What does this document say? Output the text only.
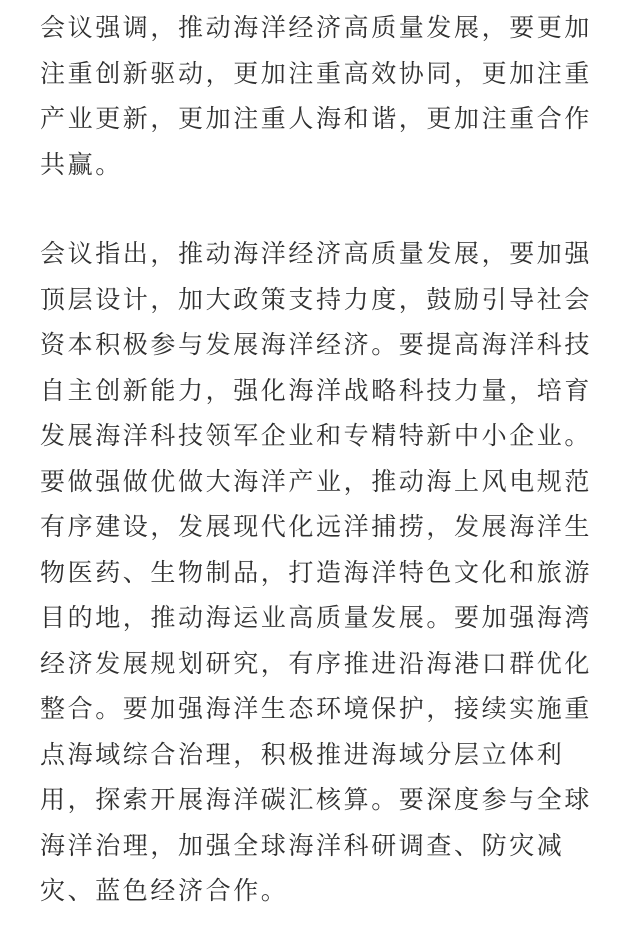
会议强调，推动海洋经济高质量发展，要更加
注重创新驱动，更加注重高效协同，更加注重
产业更新，更加注重人海和谐，更加注重合作
共赢。

会议指出，推动海洋经济高质量发展，要加强
顶层设计，加大政策支持力度，鼓励引导社会
资本积极参与发展海洋经济。要提高海洋科技
自主创新能力，强化海洋战略科技力量，培育
发展海洋科技领军企业和专精特新中小企业。
要做强做优做大海洋产业，推动海上风电规范
有序建设，发展现代化远洋捕捞，发展海洋生
物医药、生物制品，打造海洋特色文化和旅游
目的地，推动海运业高质量发展。要加强海湾
经济发展规划研究，有序推进沿海港口群优化
整合。要加强海洋生态环境保护，接续实施重
点海域综合治理，积极推进海域分层立体利
用，探索开展海洋碳汇核算。要深度参与全球
海洋治理，加强全球海洋科研调查、防灾减
灾、蓝色经济合作。
